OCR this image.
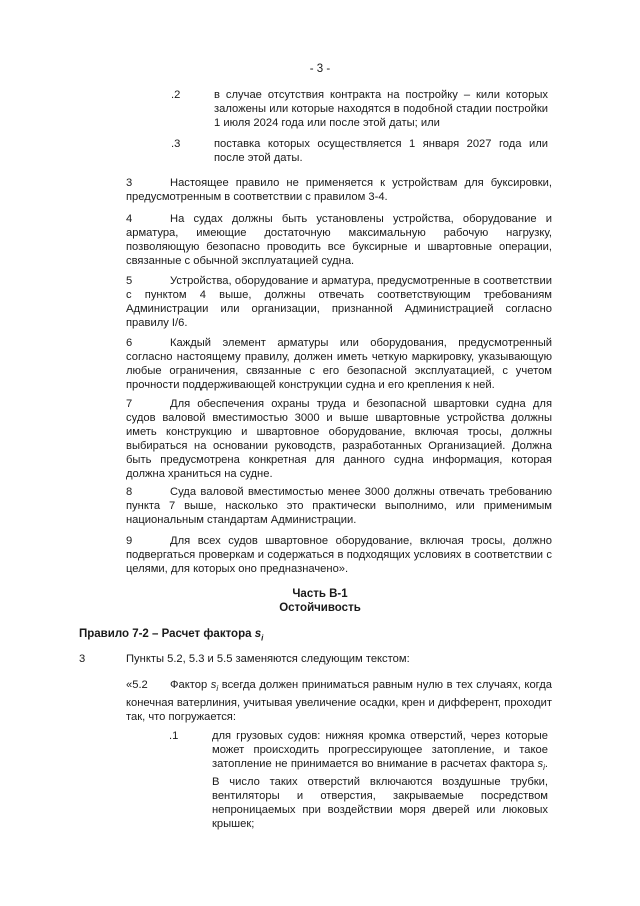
- 3 -
.2	в случае отсутствия контракта на постройку – кили которых заложены или которые находятся в подобной стадии постройки 1 июля 2024 года или после этой даты; или
.3	поставка которых осуществляется 1 января 2027 года или после этой даты.
3	Настоящее правило не применяется к устройствам для буксировки, предусмотренным в соответствии с правилом 3-4.
4	На судах должны быть установлены устройства, оборудование и арматура, имеющие достаточную максимальную рабочую нагрузку, позволяющую безопасно проводить все буксирные и швартовные операции, связанные с обычной эксплуатацией судна.
5	Устройства, оборудование и арматура, предусмотренные в соответствии с пунктом 4 выше, должны отвечать соответствующим требованиям Администрации или организации, признанной Администрацией согласно правилу I/6.
6	Каждый элемент арматуры или оборудования, предусмотренный согласно настоящему правилу, должен иметь четкую маркировку, указывающую любые ограничения, связанные с его безопасной эксплуатацией, с учетом прочности поддерживающей конструкции судна и его крепления к ней.
7	Для обеспечения охраны труда и безопасной швартовки судна для судов валовой вместимостью 3000 и выше швартовные устройства должны иметь конструкцию и швартовное оборудование, включая тросы, должны выбираться на основании руководств, разработанных Организацией. Должна быть предусмотрена конкретная для данного судна информация, которая должна храниться на судне.
8	Суда валовой вместимостью менее 3000 должны отвечать требованию пункта 7 выше, насколько это практически выполнимо, или применимым национальным стандартам Администрации.
9	Для всех судов швартовное оборудование, включая тросы, должно подвергаться проверкам и содержаться в подходящих условиях в соответствии с целями, для которых оно предназначено».
Часть B-1
Остойчивость
Правило 7-2 – Расчет фактора $s_i$
3	Пункты 5.2, 5.3 и 5.5 заменяются следующим текстом:
«5.2	Фактор $s_i$ всегда должен приниматься равным нулю в тех случаях, когда конечная ватерлиния, учитывая увеличение осадки, крен и дифферент, проходит так, что погружается:
.1	для грузовых судов: нижняя кромка отверстий, через которые может происходить прогрессирующее затопление, и такое затопление не принимается во внимание в расчетах фактора $s_i$. В число таких отверстий включаются воздушные трубки, вентиляторы и отверстия, закрываемые посредством непроницаемых при воздействии моря дверей или люковых крышек;
